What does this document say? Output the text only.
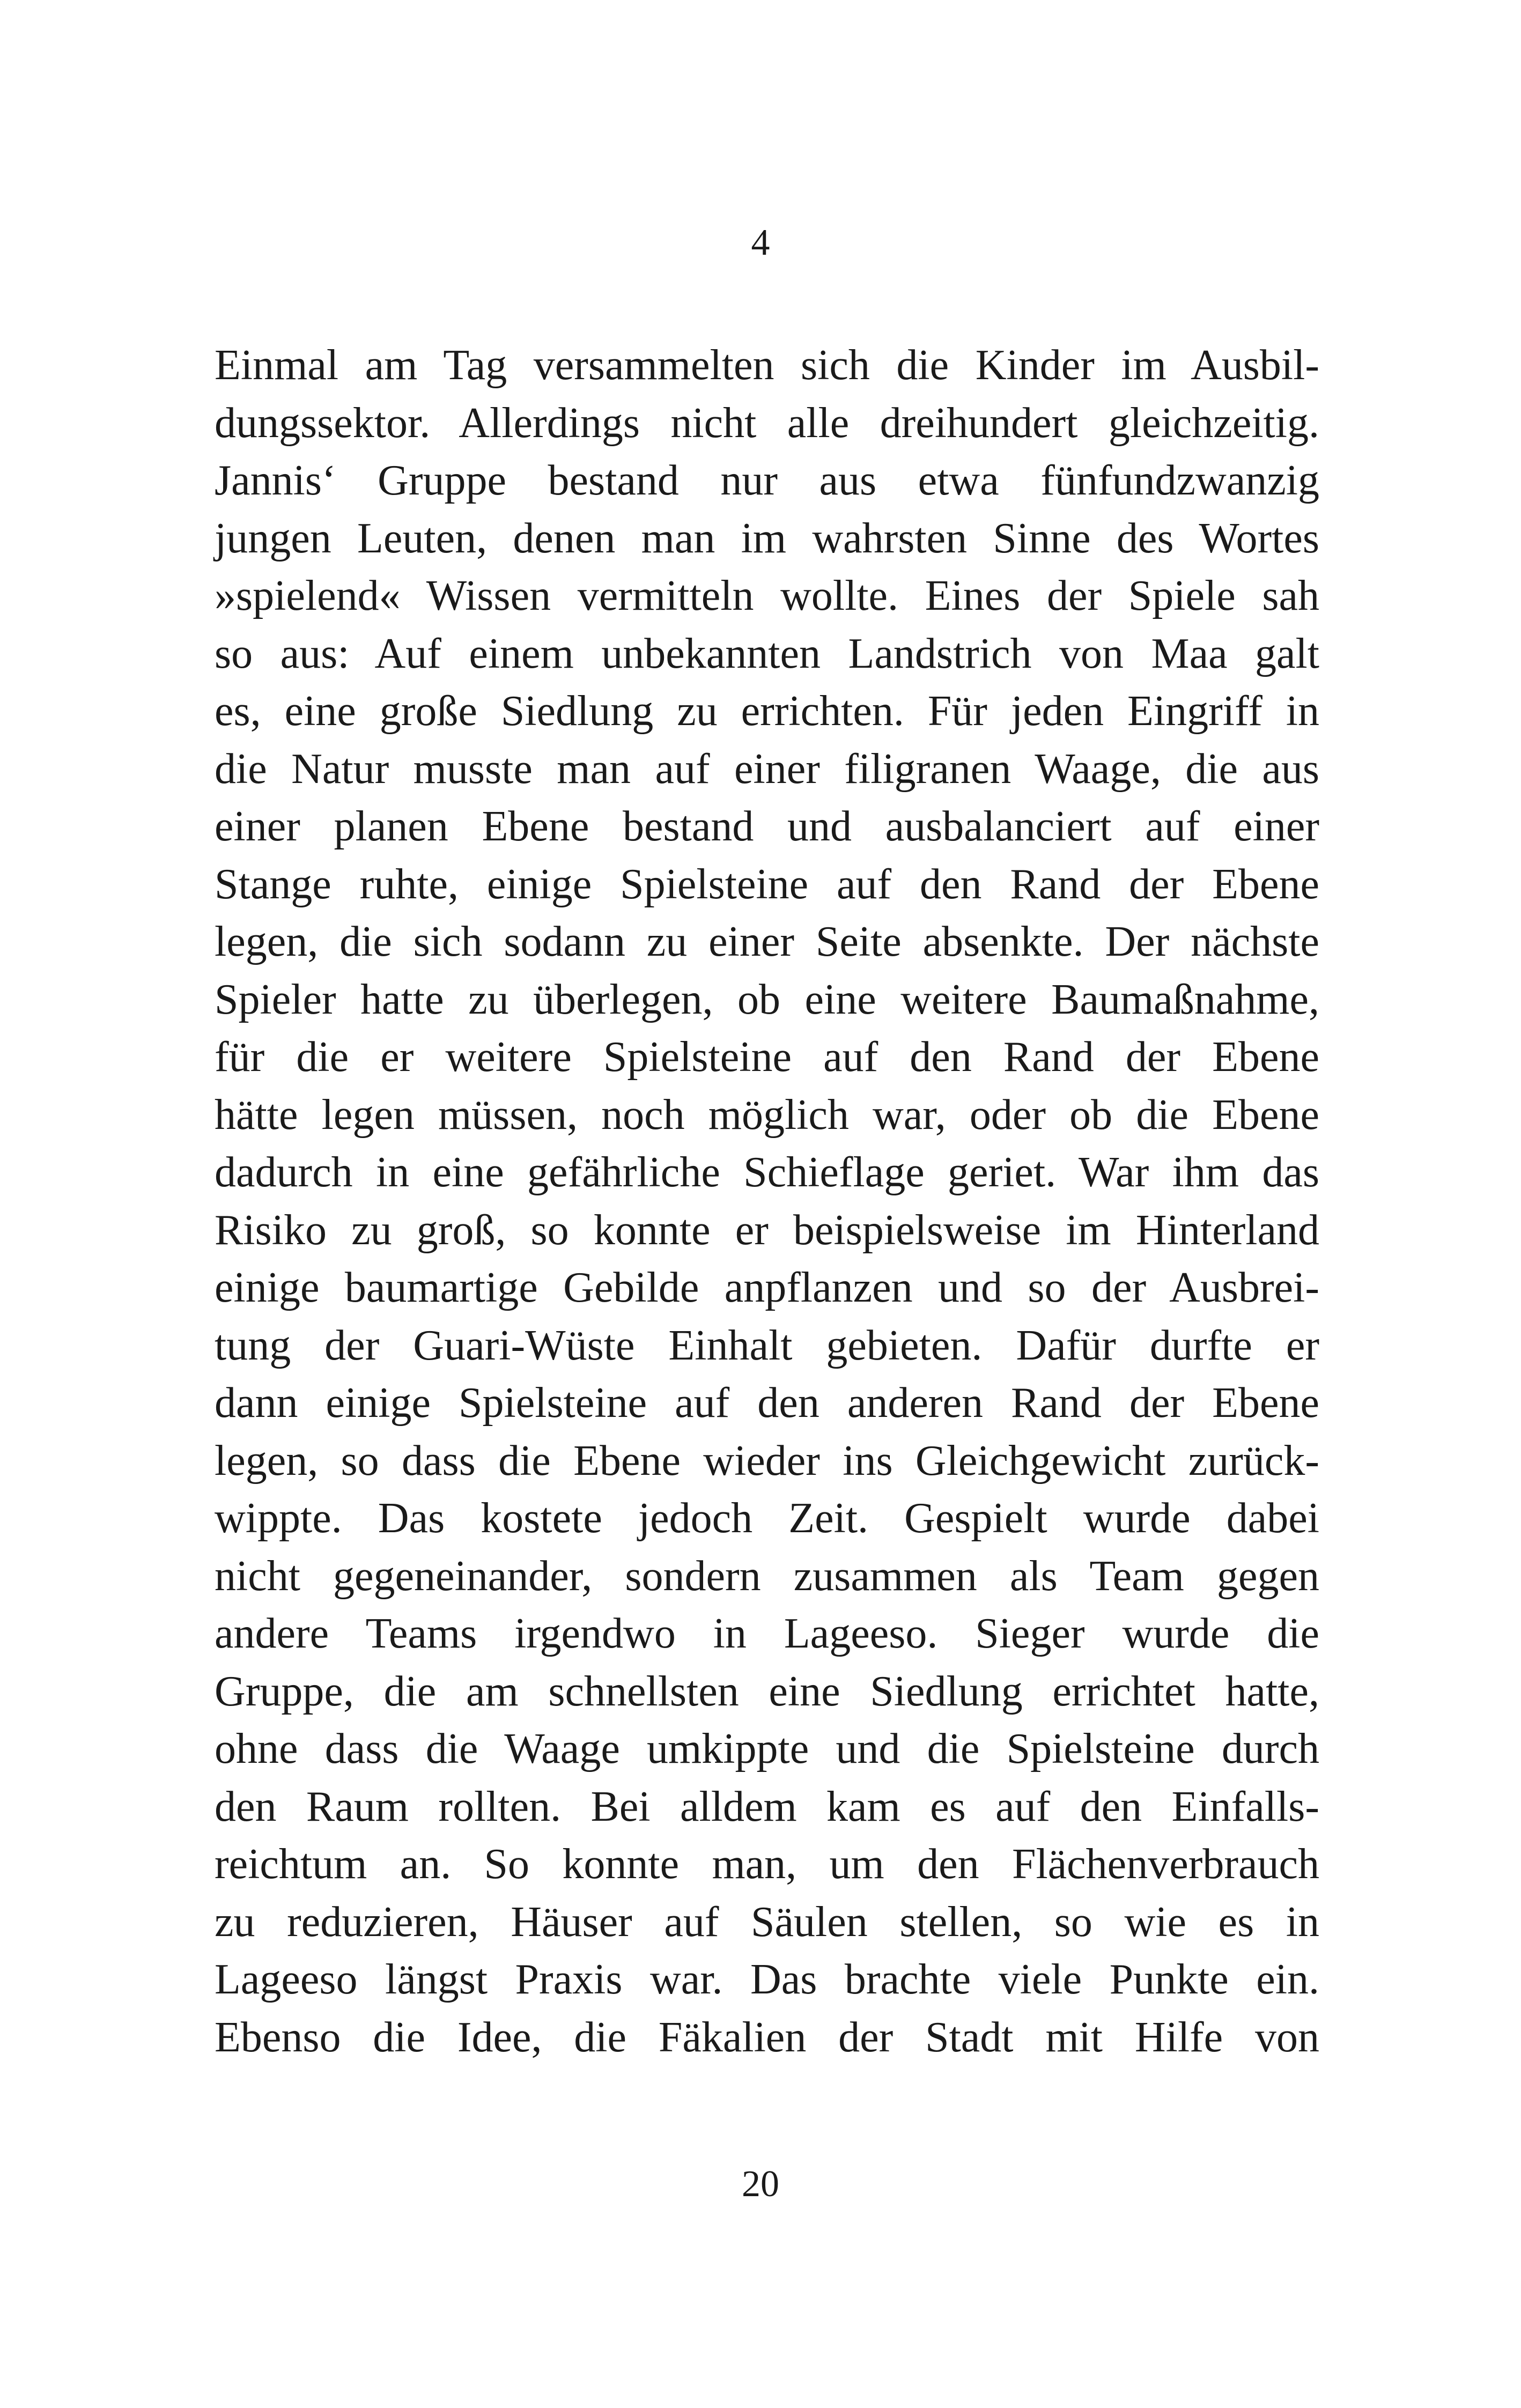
4
Einmal am Tag versammelten sich die Kinder im Ausbil-
dungssektor. Allerdings nicht alle dreihundert gleichzeitig.
Jannis‘ Gruppe bestand nur aus etwa fünfundzwanzig
jungen Leuten, denen man im wahrsten Sinne des Wortes
»spielend« Wissen vermitteln wollte. Eines der Spiele sah
so aus: Auf einem unbekannten Landstrich von Maa galt
es, eine große Siedlung zu errichten. Für jeden Eingriff in
die Natur musste man auf einer filigranen Waage, die aus
einer planen Ebene bestand und ausbalanciert auf einer
Stange ruhte, einige Spielsteine auf den Rand der Ebene
legen, die sich sodann zu einer Seite absenkte. Der nächste
Spieler hatte zu überlegen, ob eine weitere Baumaßnahme,
für die er weitere Spielsteine auf den Rand der Ebene
hätte legen müssen, noch möglich war, oder ob die Ebene
dadurch in eine gefährliche Schieflage geriet. War ihm das
Risiko zu groß, so konnte er beispielsweise im Hinterland
einige baumartige Gebilde anpflanzen und so der Ausbrei-
tung der Guari-Wüste Einhalt gebieten. Dafür durfte er
dann einige Spielsteine auf den anderen Rand der Ebene
legen, so dass die Ebene wieder ins Gleichgewicht zurück-
wippte. Das kostete jedoch Zeit. Gespielt wurde dabei
nicht gegeneinander, sondern zusammen als Team gegen
andere Teams irgendwo in Lageeso. Sieger wurde die
Gruppe, die am schnellsten eine Siedlung errichtet hatte,
ohne dass die Waage umkippte und die Spielsteine durch
den Raum rollten. Bei alldem kam es auf den Einfalls-
reichtum an. So konnte man, um den Flächenverbrauch
zu reduzieren, Häuser auf Säulen stellen, so wie es in
Lageeso längst Praxis war. Das brachte viele Punkte ein.
Ebenso die Idee, die Fäkalien der Stadt mit Hilfe von
20
